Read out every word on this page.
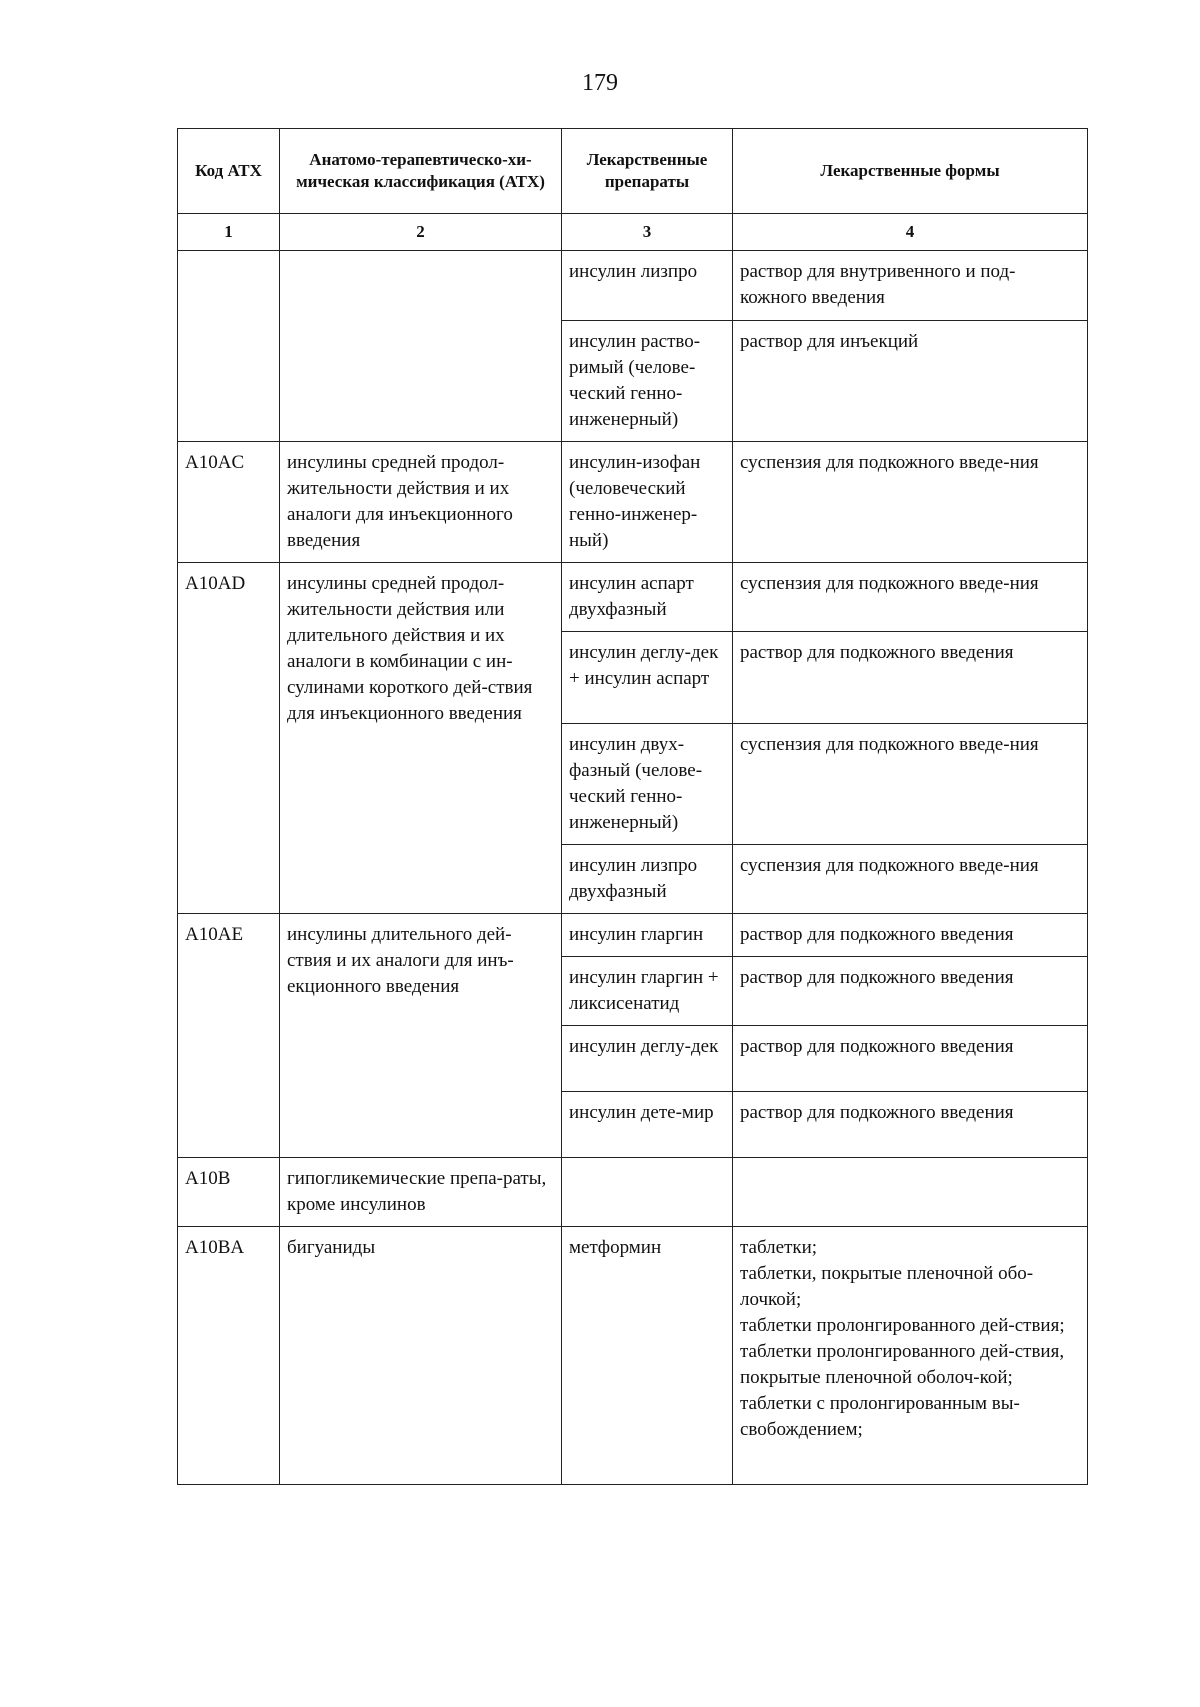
179
Код АТХ	Анатомо-терапевтическо-хи-мическая классификация (АТХ)	Лекарственные препараты	Лекарственные формы
1	2	3	4
		инсулин лизпро	раствор для внутривенного и под-кожного введения
		инсулин раство-римый (челове-ческий генно-инженерный)	раствор для инъекций
A10AC	инсулины средней продол-жительности действия и их аналоги для инъекционного введения	инсулин-изофан (человеческий генно-инженер-ный)	суспензия для подкожного введе-ния
A10AD	инсулины средней продол-жительности действия или длительного действия и их аналоги в комбинации с ин-сулинами короткого дей-ствия для инъекционного введения	инсулин аспарт двухфазный	суспензия для подкожного введе-ния
		инсулин деглу-дек + инсулин аспарт	раствор для подкожного введения
		инсулин двух-фазный (челове-ческий генно-инженерный)	суспензия для подкожного введе-ния
		инсулин лизпро двухфазный	суспензия для подкожного введе-ния
A10AE	инсулины длительного дей-ствия и их аналоги для инъ-екционного введения	инсулин гларгин	раствор для подкожного введения
		инсулин гларгин + ликсисенатид	раствор для подкожного введения
		инсулин деглу-дек	раствор для подкожного введения
		инсулин дете-мир	раствор для подкожного введения
A10B	гипогликемические препа-раты, кроме инсулинов		
A10BA	бигуаниды	метформин	таблетки;
таблетки, покрытые пленочной обо-лочкой;
таблетки пролонгированного дей-ствия;
таблетки пролонгированного дей-ствия, покрытые пленочной оболоч-кой;
таблетки с пролонгированным вы-свобождением;
